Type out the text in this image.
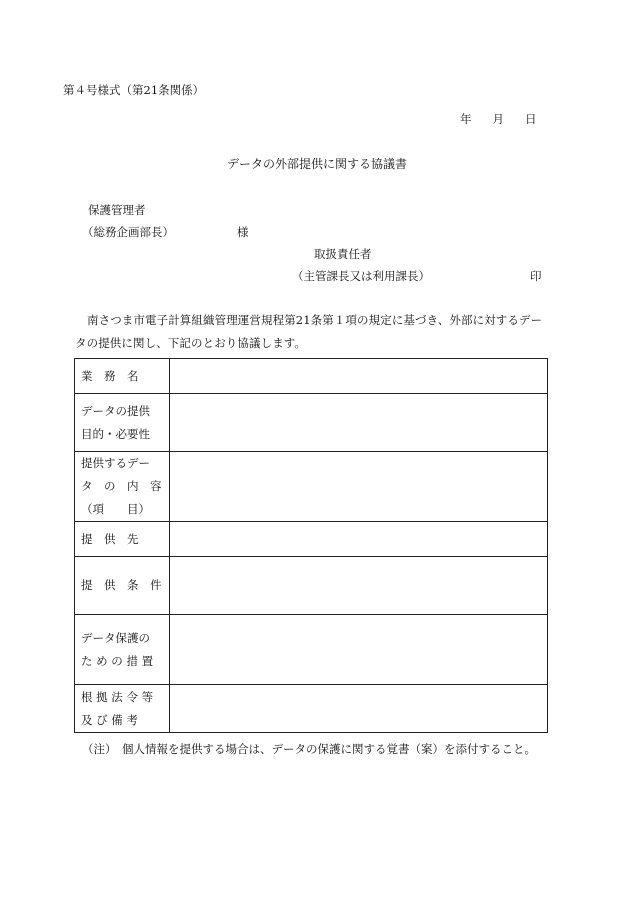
第４号様式（第21条関係）
年 月 日
データの外部提供に関する協議書
保護管理者
（総務企画部長）	様
取扱責任者
（主管課長又は利用課長）	印
南さつま市電子計算組織管理運営規程第21条第１項の規定に基づき、外部に対するデータの提供に関し、下記のとおり協議します。
業　務　名	

データの提供
目的・必要性	

提供するデー
タ　の　内　容
（項　　目）	

提　供　先	

提　供　条　件	

データ保護の
た め の 措 置	

根 拠 法 令 等
及 び 備 考	

（注） 個人情報を提供する場合は、データの保護に関する覚書（案）を添付すること。
